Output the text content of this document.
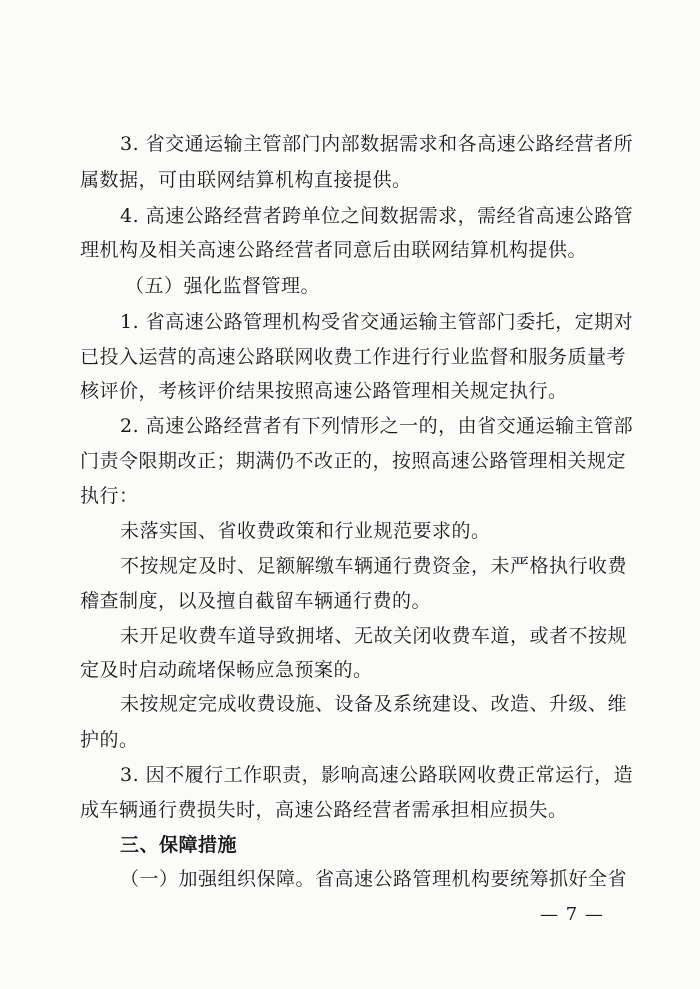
3. 省交通运输主管部门内部数据需求和各高速公路经营者所
属数据，可由联网结算机构直接提供。
4. 高速公路经营者跨单位之间数据需求，需经省高速公路管
理机构及相关高速公路经营者同意后由联网结算机构提供。
（五）强化监督管理。
1. 省高速公路管理机构受省交通运输主管部门委托，定期对
已投入运营的高速公路联网收费工作进行行业监督和服务质量考
核评价，考核评价结果按照高速公路管理相关规定执行。
2. 高速公路经营者有下列情形之一的，由省交通运输主管部
门责令限期改正；期满仍不改正的，按照高速公路管理相关规定
执行：
未落实国、省收费政策和行业规范要求的。
不按规定及时、足额解缴车辆通行费资金，未严格执行收费
稽查制度，以及擅自截留车辆通行费的。
未开足收费车道导致拥堵、无故关闭收费车道，或者不按规
定及时启动疏堵保畅应急预案的。
未按规定完成收费设施、设备及系统建设、改造、升级、维
护的。
3. 因不履行工作职责，影响高速公路联网收费正常运行，造
成车辆通行费损失时，高速公路经营者需承担相应损失。
三、保障措施
（一）加强组织保障。省高速公路管理机构要统筹抓好全省
— 7 —
